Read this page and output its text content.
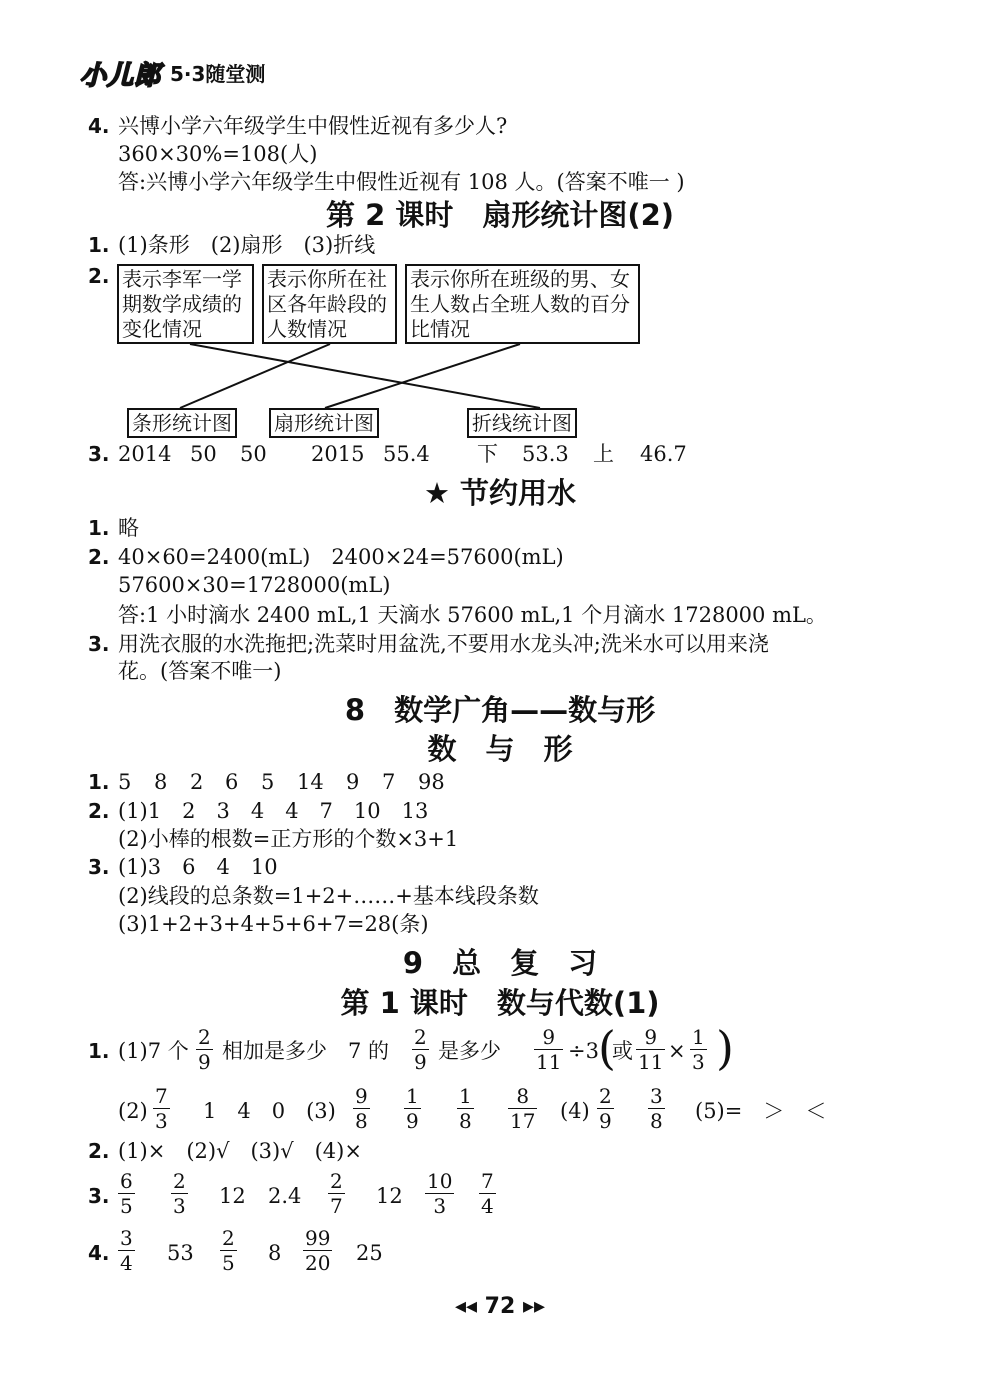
小儿郎 5·3随堂测
4. 兴博小学六年级学生中假性近视有多少人?
360×30%=108(人)
答:兴博小学六年级学生中假性近视有 108 人。(答案不唯一 )
第 2 课时　扇形统计图(2)
1. (1)条形　(2)扇形　(3)折线
2. 表示李军一学期数学成绩的变化情况
表示你所在社区各年龄段的人数情况
表示你所在班级的男、女生人数占全班人数的百分比情况
条形统计图 扇形统计图	折线统计图
3. 2014 50 50 2015 55.4 下 53.3 上 46.7
★ 节约用水
1. 略
2. 40×60=2400(mL)　2400×24=57600(mL)
57600×30=1728000(mL)
答:1 小时滴水 2400 mL,1 天滴水 57600 mL,1 个月滴水 1728000 mL。
3. 用洗衣服的水洗拖把;洗菜时用盆洗,不要用水龙头冲;洗米水可以用来浇
花。(答案不唯一)
8　数学广角——数与形
数　与　形
1. 5 8 2 6 5 14 9 7 98
2. (1)1　2　3　4　4　7　10　13
(2)小棒的根数=正方形的个数×3+1
3. (1)3　6　4　10
(2)线段的总条数=1+2+……+基本线段条数
(3)1+2+3+4+5+6+7=28(条)
9　总　复　习
第 1 课时　数与代数(1)
1. (1)7 个
2
9 相加是多少　7 的
2
9 是多少
9
11 ÷3 (
或
9
11 ×
1
3 )
(2)
7
3 1　4　0　(3)
9
8
1
9
1
8
8
17 (4)
2
9
3
8 (5)=　＞　＜
2. (1)×　(2)√　(3)√　(4)×
3.
6
5
2
3 12 2.4
2
7 12
10
3
7
4
4.
3
4 53
2
5 8
99
20 25
◂◂ 72 ▸▸
